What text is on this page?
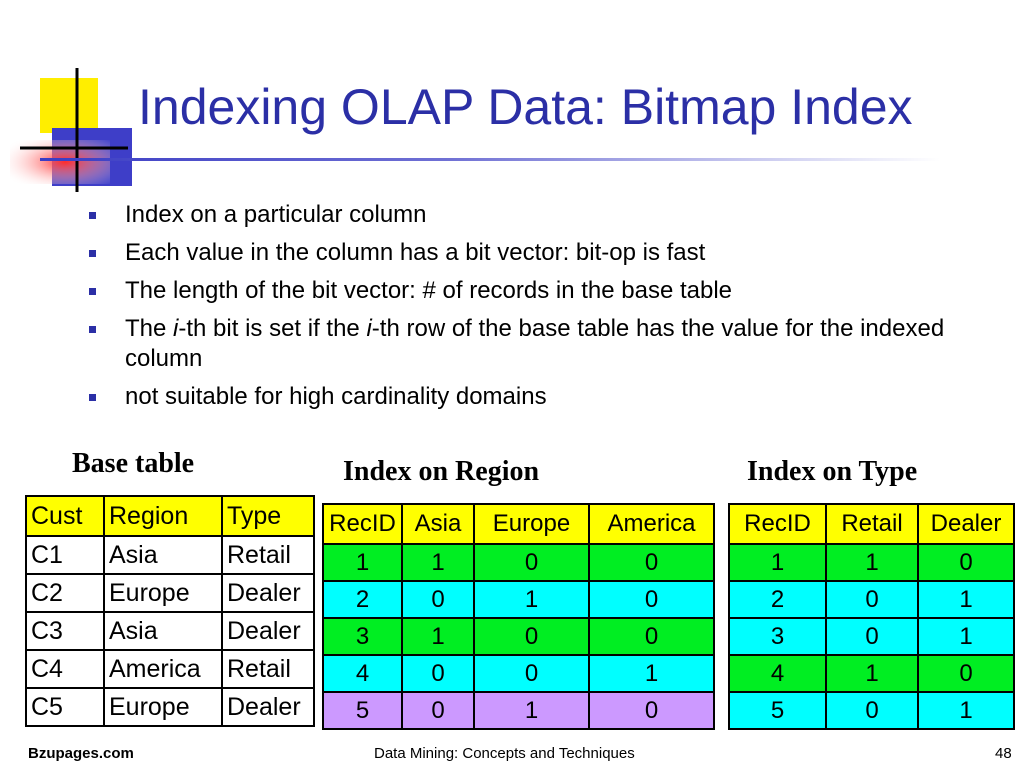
Indexing OLAP Data: Bitmap Index
Index on a particular column
Each value in the column has a bit vector: bit-op is fast
The length of the bit vector: # of records in the base table
The i-th bit is set if the i-th row of the base table has the value for the indexed column
not suitable for high cardinality domains
Base table	Index on Region	Index on Type
Cust	Region	Type
C1	Asia	Retail
C2	Europe	Dealer
C3	Asia	Dealer
C4	America	Retail
C5	Europe	Dealer
RecID	Asia	Europe	America
1	1	0	0
2	0	1	0
3	1	0	0
4	0	0	1
5	0	1	0
RecID	Retail	Dealer
1	1	0
2	0	1
3	0	1
4	1	0
5	0	1
Bzupages.com	Data Mining: Concepts and Techniques	48
